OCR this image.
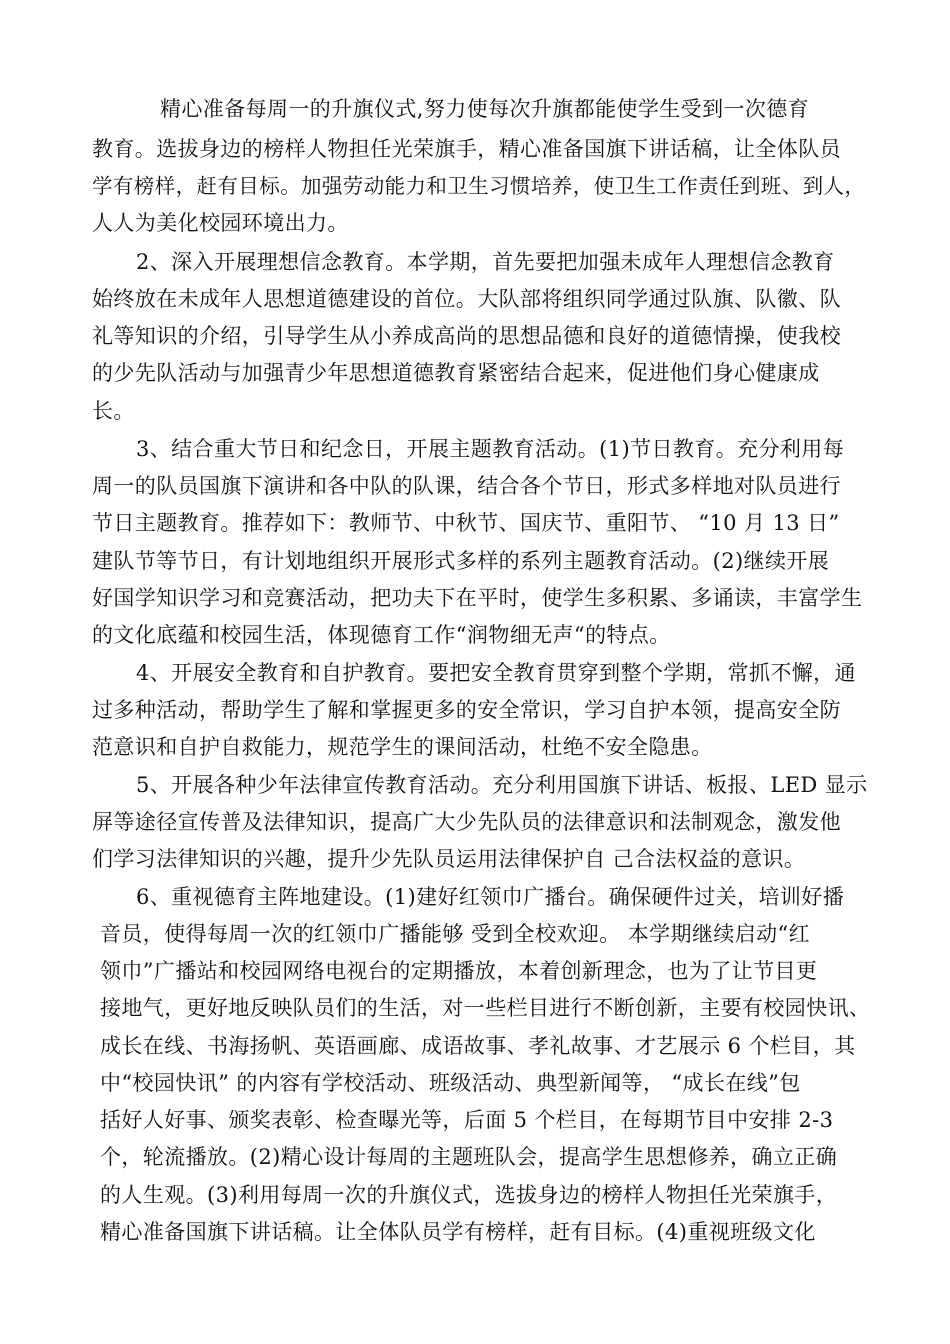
精心准备每周一的升旗仪式,努力使每次升旗都能使学生受到一次德育
教育。选拔身边的榜样人物担任光荣旗手，精心准备国旗下讲话稿，让全体队员
学有榜样，赶有目标。加强劳动能力和卫生习惯培养，使卫生工作责任到班、到人，
人人为美化校园环境出力。
2、深入开展理想信念教育。本学期，首先要把加强未成年人理想信念教育
始终放在未成年人思想道德建设的首位。大队部将组织同学通过队旗、队徽、队
礼等知识的介绍，引导学生从小养成高尚的思想品德和良好的道德情操，使我校
的少先队活动与加强青少年思想道德教育紧密结合起来，促进他们身心健康成
长。
3、结合重大节日和纪念日，开展主题教育活动。(1)节日教育。充分利用每
周一的队员国旗下演讲和各中队的队课，结合各个节日，形式多样地对队员进行
节日主题教育。推荐如下：教师节、中秋节、国庆节、重阳节、 “10 月 13 日”
建队节等节日，有计划地组织开展形式多样的系列主题教育活动。(2)继续开展
好国学知识学习和竞赛活动，把功夫下在平时，使学生多积累、多诵读，丰富学生
的文化底蕴和校园生活，体现德育工作“润物细无声“的特点。
4、开展安全教育和自护教育。要把安全教育贯穿到整个学期，常抓不懈，通
过多种活动，帮助学生了解和掌握更多的安全常识，学习自护本领，提高安全防
范意识和自护自救能力，规范学生的课间活动，杜绝不安全隐患。
5、开展各种少年法律宣传教育活动。充分利用国旗下讲话、板报、LED 显示
屏等途径宣传普及法律知识，提高广大少先队员的法律意识和法制观念，激发他
们学习法律知识的兴趣，提升少先队员运用法律保护自 己合法权益的意识。
6、重视德育主阵地建设。(1)建好红领巾广播台。确保硬件过关，培训好播
音员，使得每周一次的红领巾广播能够 受到全校欢迎。 本学期继续启动“红
领巾”广播站和校园网络电视台的定期播放，本着创新理念，也为了让节目更
接地气，更好地反映队员们的生活，对一些栏目进行不断创新，主要有校园快讯、
成长在线、书海扬帆、英语画廊、成语故事、孝礼故事、才艺展示 6 个栏目，其
中“校园快讯” 的内容有学校活动、班级活动、典型新闻等， “成长在线”包
括好人好事、颁奖表彰、检查曝光等，后面 5 个栏目，在每期节目中安排 2-3
个，轮流播放。(2)精心设计每周的主题班队会，提高学生思想修养，确立正确
的人生观。(3)利用每周一次的升旗仪式，选拔身边的榜样人物担任光荣旗手，
精心准备国旗下讲话稿。让全体队员学有榜样，赶有目标。(4)重视班级文化
